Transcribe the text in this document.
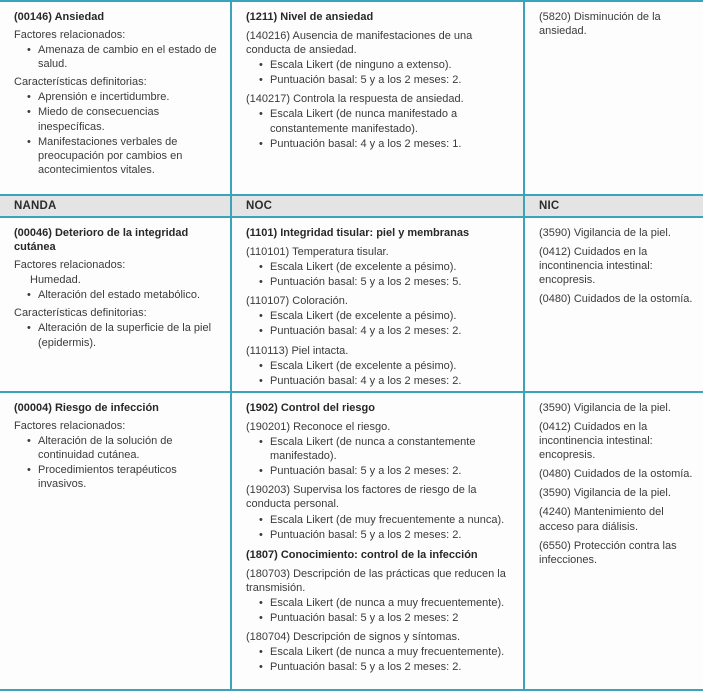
(00146) Ansiedad
Factores relacionados:
• Amenaza de cambio en el estado de salud.
Características definitorias:
• Aprensión e incertidumbre.
• Miedo de consecuencias inespecíficas.
• Manifestaciones verbales de preocupación por cambios en acontecimientos vitales.
(1211) Nivel de ansiedad
(140216) Ausencia de manifestaciones de una conducta de ansiedad.
• Escala Likert (de ninguno a extenso).
• Puntuación basal: 5 y a los 2 meses: 2.
(140217) Controla la respuesta de ansiedad.
• Escala Likert (de nunca manifestado a constantemente manifestado).
• Puntuación basal: 4 y a los 2 meses: 1.
(5820) Disminución de la ansiedad.
NANDA	NOC	NIC
(00046) Deterioro de la integridad cutánea
Factores relacionados:
Humedad.
• Alteración del estado metabólico.
Características definitorias:
• Alteración de la superficie de la piel (epidermis).
(1101) Integridad tisular: piel y membranas
(110101) Temperatura tisular.
• Escala Likert (de excelente a pésimo).
• Puntuación basal: 5 y a los 2 meses: 5.
(110107) Coloración.
• Escala Likert (de excelente a pésimo).
• Puntuación basal: 4 y a los 2 meses: 2.
(110113) Piel intacta.
• Escala Likert (de excelente a pésimo).
• Puntuación basal: 4 y a los 2 meses: 2.
(3590) Vigilancia de la piel.
(0412) Cuidados en la incontinencia intestinal: encopresis.
(0480) Cuidados de la ostomía.
(00004) Riesgo de infección
Factores relacionados:
• Alteración de la solución de continuidad cutánea.
• Procedimientos terapéuticos invasivos.
(1902) Control del riesgo
(190201) Reconoce el riesgo.
• Escala Likert (de nunca a constantemente manifestado).
• Puntuación basal: 5 y a los 2 meses: 2.
(190203) Supervisa los factores de riesgo de la conducta personal.
• Escala Likert (de muy frecuentemente a nunca).
• Puntuación basal: 5 y a los 2 meses: 2.
(1807) Conocimiento: control de la infección
(180703) Descripción de las prácticas que reducen la transmisión.
• Escala Likert (de nunca a muy frecuentemente).
• Puntuación basal: 5 y a los 2 meses: 2
(180704) Descripción de signos y síntomas.
• Escala Likert (de nunca a muy frecuentemente).
• Puntuación basal: 5 y a los 2 meses: 2.
(3590) Vigilancia de la piel.
(0412) Cuidados en la incontinencia intestinal: encopresis.
(0480) Cuidados de la ostomía.
(3590) Vigilancia de la piel.
(4240) Mantenimiento del acceso para diálisis.
(6550) Protección contra las infecciones.
